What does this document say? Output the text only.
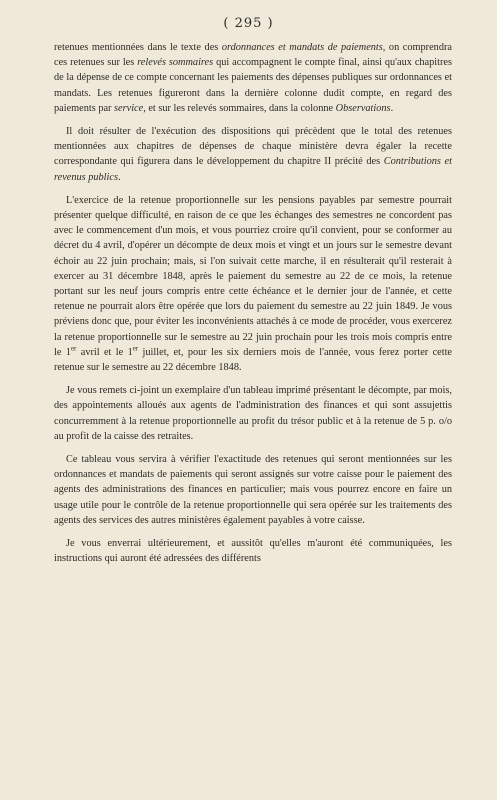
( 295 )

retenues mentionnées dans le texte des ordonnances et mandats de paiements, on comprendra ces retenues sur les relevés sommaires qui accompagnent le compte final, ainsi qu'aux chapitres de la dépense de ce compte concernant les paiements des dépenses publiques sur ordonnances et mandats. Les retenues figureront dans la dernière colonne dudit compte, en regard des paiements par service, et sur les relevés sommaires, dans la colonne Observations.

Il doit résulter de l'exécution des dispositions qui précèdent que le total des retenues mentionnées aux chapitres de dépenses de chaque ministère devra égaler la recette correspondante qui figurera dans le développement du chapitre II précité des Contributions et revenus publics.

L'exercice de la retenue proportionnelle sur les pensions payables par semestre pourrait présenter quelque difficulté, en raison de ce que les échanges des semestres ne concordent pas avec le commencement d'un mois, et vous pourriez croire qu'il convient, pour se conformer au décret du 4 avril, d'opérer un décompte de deux mois et vingt et un jours sur le semestre devant échoir au 22 juin prochain; mais, si l'on suivait cette marche, il en résulterait qu'il resterait à exercer au 31 décembre 1848, après le paiement du semestre au 22 de ce mois, la retenue portant sur les neuf jours compris entre cette échéance et le dernier jour de l'année, et cette retenue ne pourrait alors être opérée que lors du paiement du semestre au 22 juin 1849. Je vous préviens donc que, pour éviter les inconvénients attachés à ce mode de procéder, vous exercerez la retenue proportionnelle sur le semestre au 22 juin prochain pour les trois mois compris entre le 1er avril et le 1er juillet, et, pour les six derniers mois de l'année, vous ferez porter cette retenue sur le semestre au 22 décembre 1848.

Je vous remets ci-joint un exemplaire d'un tableau imprimé présentant le décompte, par mois, des appointements alloués aux agents de l'administration des finances et qui sont assujettis concurremment à la retenue proportionnelle au profit du trésor public et à la retenue de 5 p. o/o au profit de la caisse des retraites.

Ce tableau vous servira à vérifier l'exactitude des retenues qui seront mentionnées sur les ordonnances et mandats de paiements qui seront assignés sur votre caisse pour le paiement des agents des administrations des finances en particulier; mais vous pourrez encore en faire un usage utile pour le contrôle de la retenue proportionnelle qui sera opérée sur les traitements des agents des services des autres ministères également payables à votre caisse.

Je vous enverrai ultérieurement, et aussitôt qu'elles m'auront été communiquées, les instructions qui auront été adressées des différents
